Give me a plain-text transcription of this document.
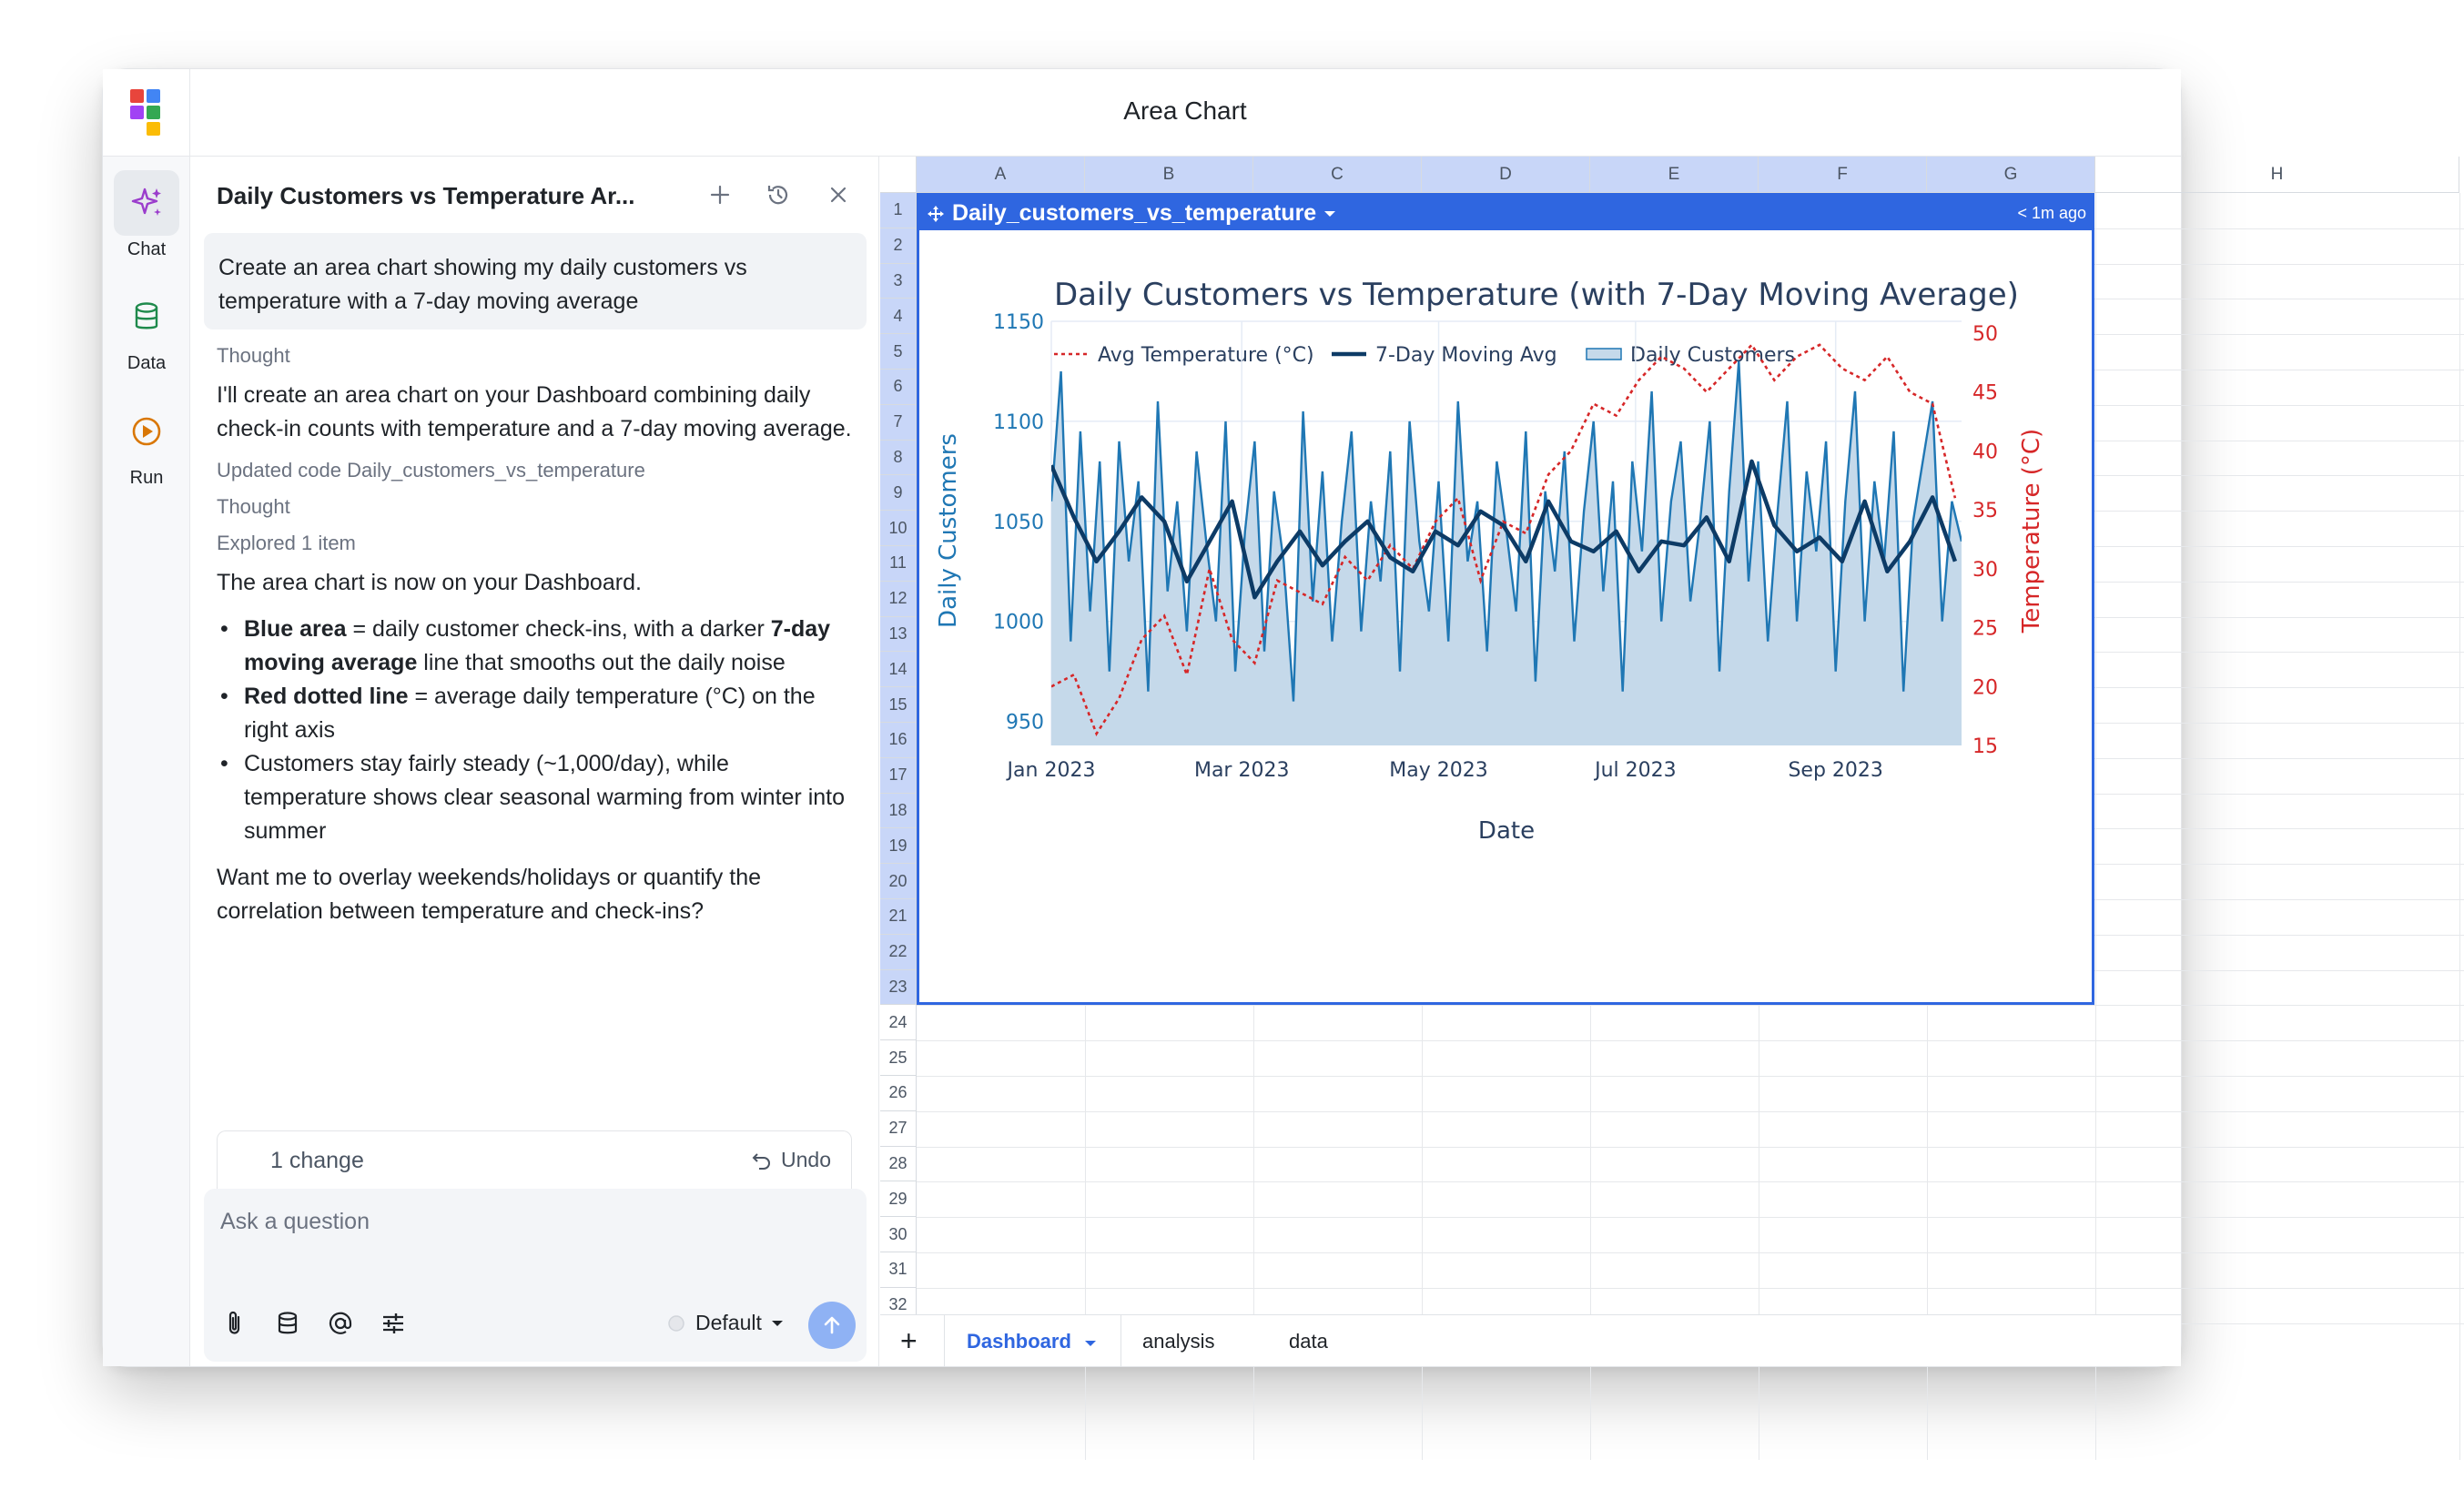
Area Chart
Chat
Data
Run
Daily Customers vs Temperature Ar...
Create an area chart showing my daily customers vs temperature with a 7-day moving average
Thought
I'll create an area chart on your Dashboard combining daily check-in counts with temperature and a 7-day moving average.
Updated code Daily_customers_vs_temperature
Thought
Explored 1 item
The area chart is now on your Dashboard.
• Blue area = daily customer check-ins, with a darker 7-day moving average line that smooths out the daily noise
• Red dotted line = average daily temperature (°C) on the right axis
• Customers stay fairly steady (~1,000/day), while temperature shows clear seasonal warming from winter into summer
Want me to overlay weekends/holidays or quantify the correlation between temperature and check-ins?
1 change	Undo
Ask a question
Default
A	B	C	D	E	F	G	H
1
2
3
4
5
6
7
8
9
10
11
12
13
14
15
16
17
18
19
20
21
22
23
24
25
26
27
28
29
30
31
32
Daily_customers_vs_temperature	< 1m ago
Daily Customers vs Temperature (with 7-Day Moving Average)
Avg Temperature (°C)	7-Day Moving Avg	Daily Customers
Jan 2023	Mar 2023	May 2023	Jul 2023	Sep 2023
950
1000
1050
1100
1150
15
20
25
30
35
40
45
50
Date
Daily Customers	Temperature (°C)
+ Dashboard	analysis	data
